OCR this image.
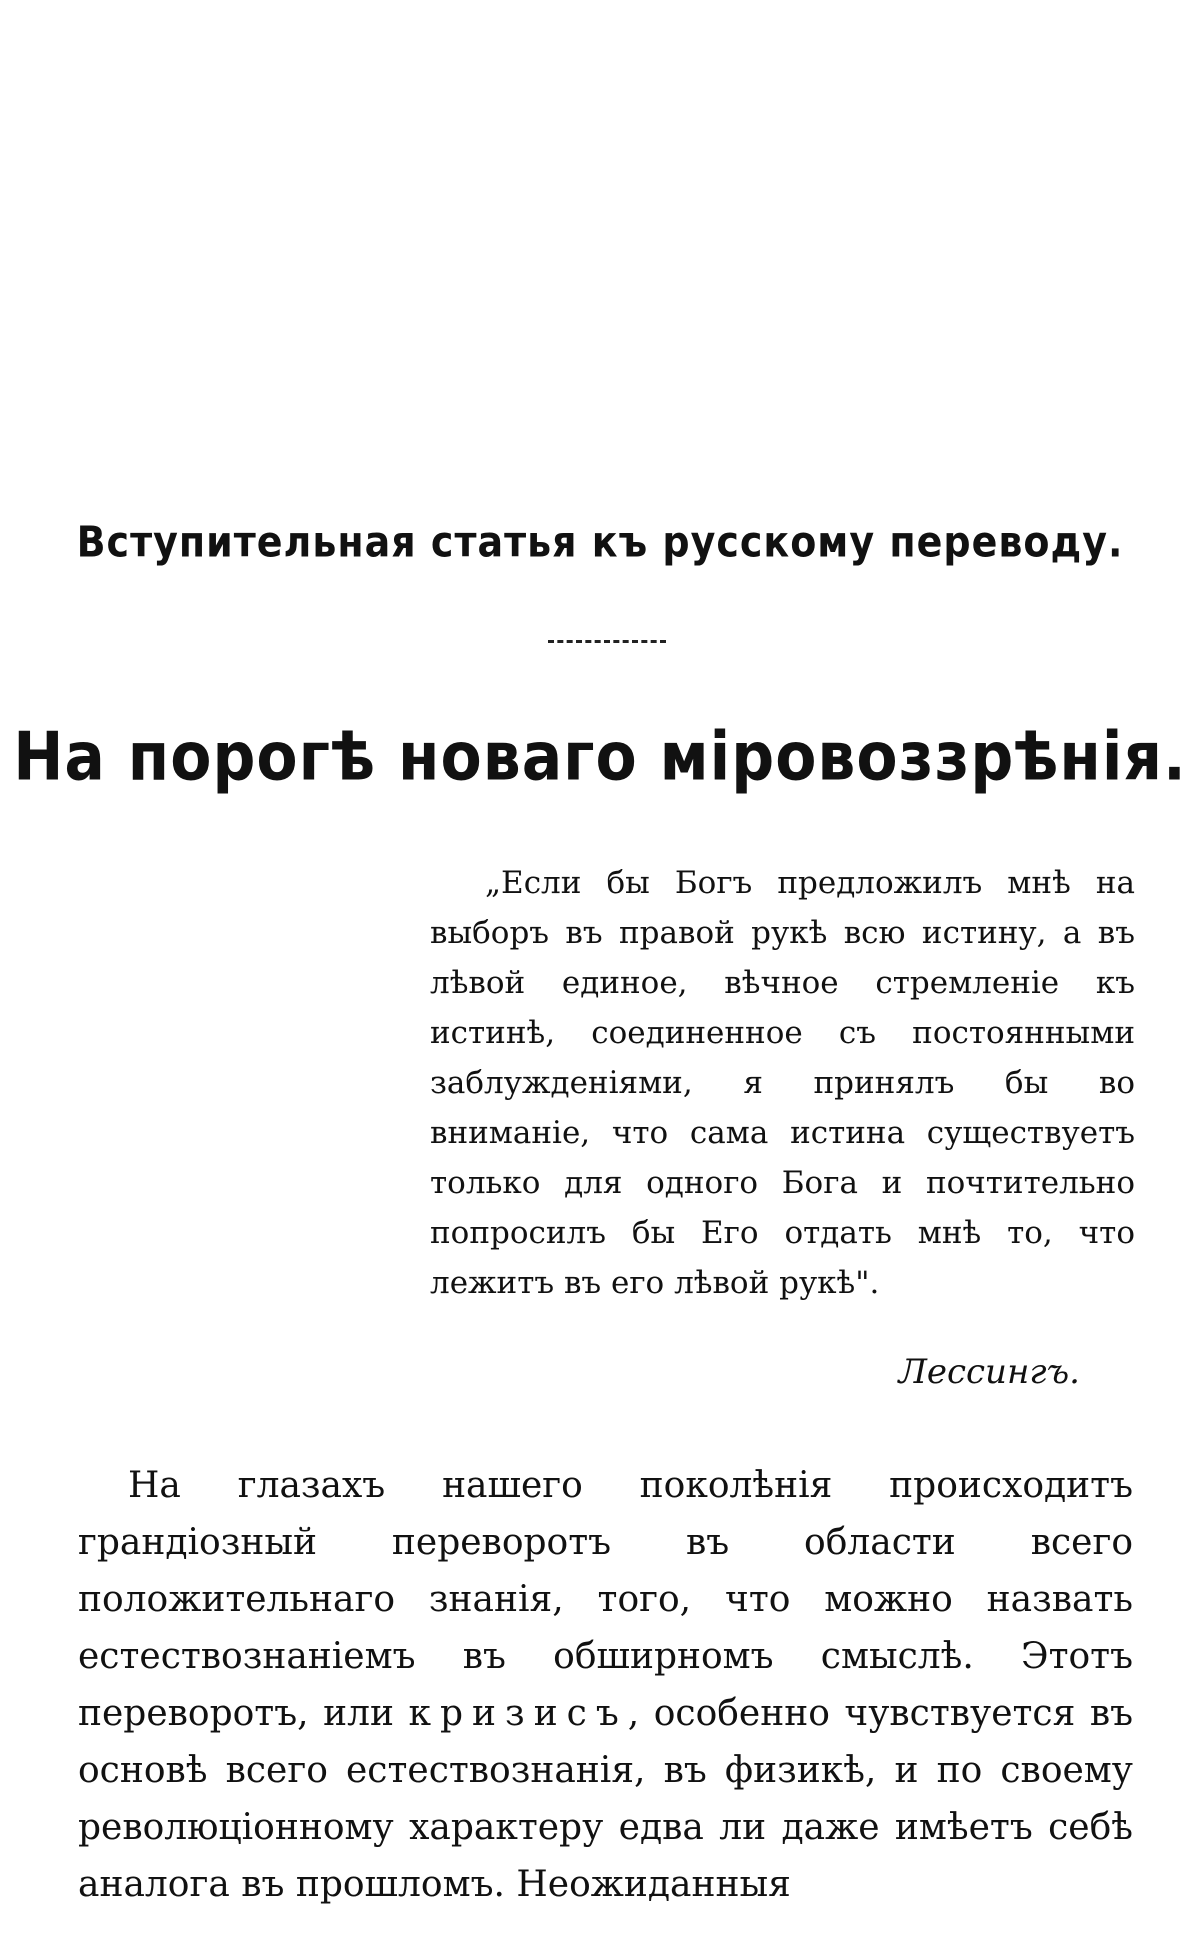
Вступительная статья къ русскому переводу.
На порогѣ новаго міровоззрѣнія.

„Если бы Богъ предложилъ мнѣ на выборъ въ правой рукѣ всю истину, а въ лѣвой единое, вѣчное стремленіе къ истинѣ, соединенное съ постоянными заблужденіями, я принялъ бы во вниманіе, что сама истина существуетъ только для одного Бога и почтительно попросилъ бы Его отдать мнѣ то, что лежитъ въ его лѣвой рукѣ".

Лессингъ.

На глазахъ нашего поколѣнія происходитъ грандіозный переворотъ въ области всего положительнаго знанія, того, что можно назвать естествознаніемъ въ обширномъ смыслѣ. Этотъ переворотъ, или кризисъ, особенно чувствуется въ основѣ всего естествознанія, въ физикѣ, и по своему революціонному характеру едва ли даже имѣетъ себѣ аналога въ прошломъ. Неожиданныя
